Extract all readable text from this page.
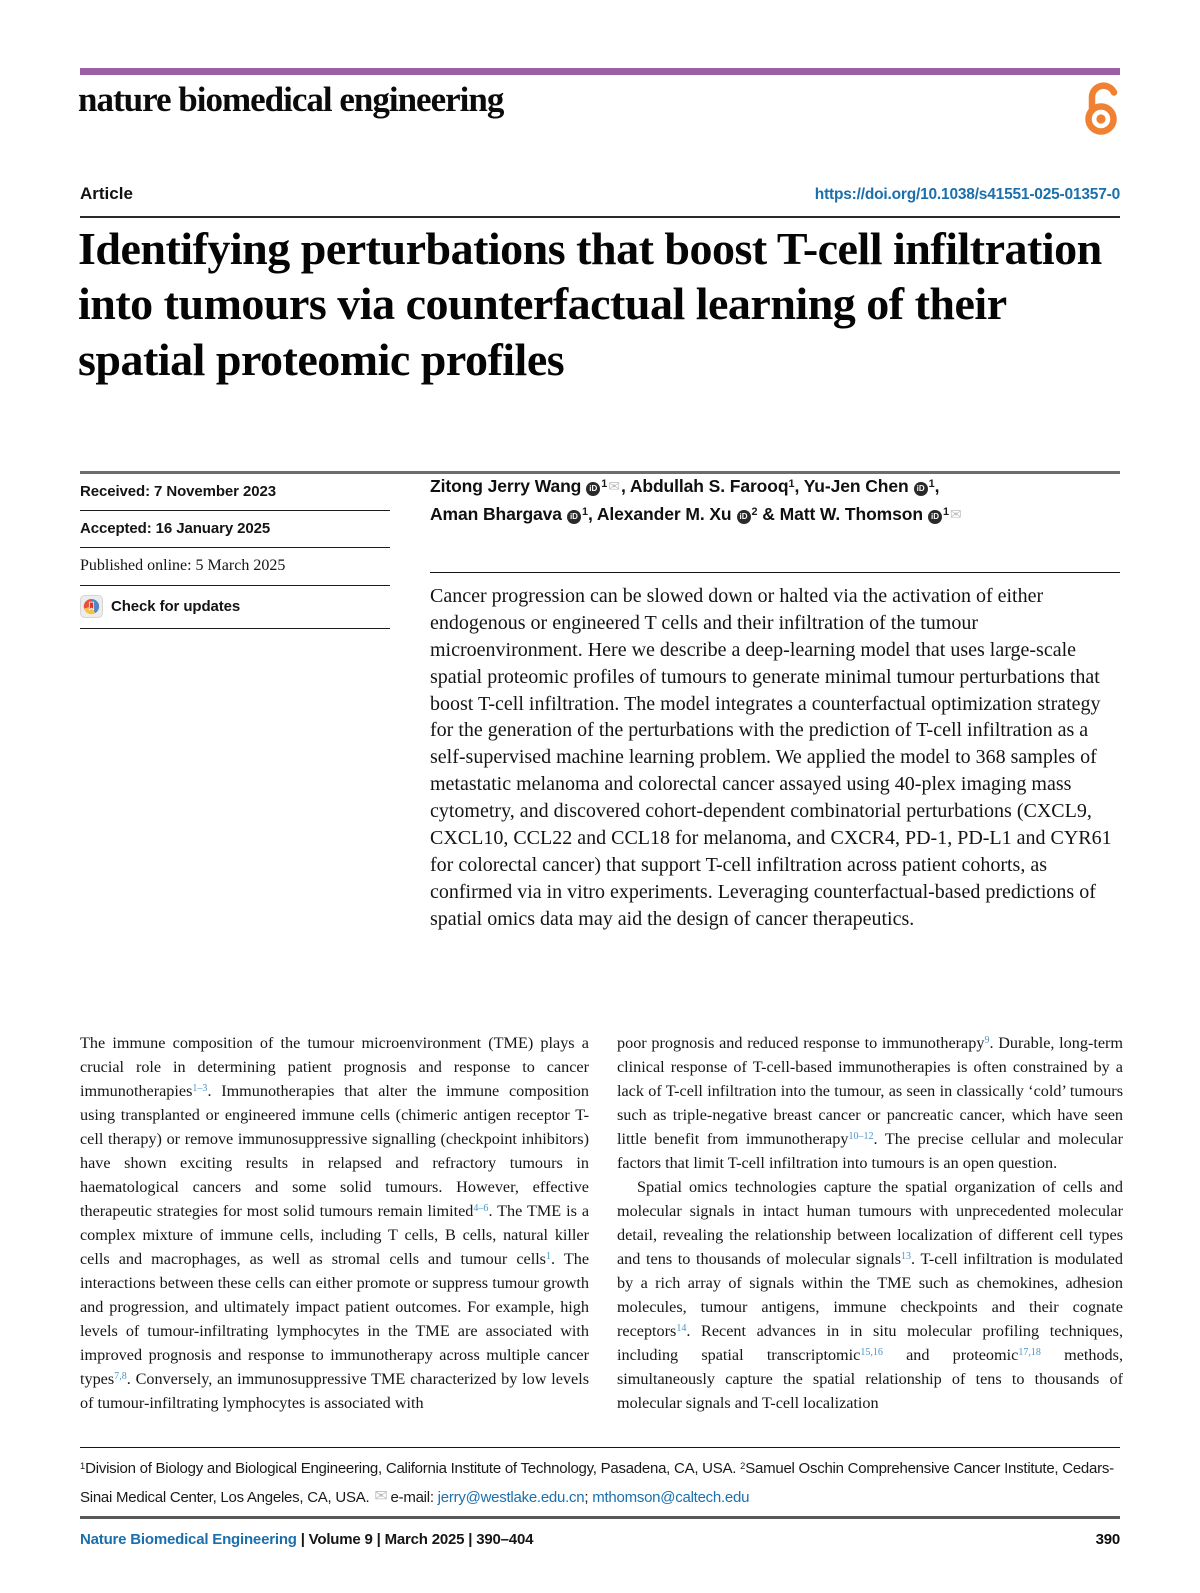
nature biomedical engineering
Article	https://doi.org/10.1038/s41551-025-01357-0
Identifying perturbations that boost T-cell infiltration into tumours via counterfactual learning of their spatial proteomic profiles
Received: 7 November 2023
Accepted: 16 January 2025
Published online: 5 March 2025
Check for updates
Zitong Jerry Wang iD $^1$✉, Abdullah S. Farooq$^1$, Yu-Jen Chen iD $^1$,
Aman Bhargava iD $^1$, Alexander M. Xu iD $^2$ & Matt W. Thomson iD $^1$✉
Cancer progression can be slowed down or halted via the activation of either endogenous or engineered T cells and their infiltration of the tumour microenvironment. Here we describe a deep-learning model that uses large-scale spatial proteomic profiles of tumours to generate minimal tumour perturbations that boost T-cell infiltration. The model integrates a counterfactual optimization strategy for the generation of the perturbations with the prediction of T-cell infiltration as a self-supervised machine learning problem. We applied the model to 368 samples of metastatic melanoma and colorectal cancer assayed using 40-plex imaging mass cytometry, and discovered cohort-dependent combinatorial perturbations (CXCL9, CXCL10, CCL22 and CCL18 for melanoma, and CXCR4, PD-1, PD-L1 and CYR61 for colorectal cancer) that support T-cell infiltration across patient cohorts, as confirmed via in vitro experiments. Leveraging counterfactual-based predictions of spatial omics data may aid the design of cancer therapeutics.

The immune composition of the tumour microenvironment (TME) plays a crucial role in determining patient prognosis and response to cancer immunotherapies$^{1-3}$. Immunotherapies that alter the immune composition using transplanted or engineered immune cells (chimeric antigen receptor T-cell therapy) or remove immunosuppressive signalling (checkpoint inhibitors) have shown exciting results in relapsed and refractory tumours in haematological cancers and some solid tumours. However, effective therapeutic strategies for most solid tumours remain limited$^{4-6}$. The TME is a complex mixture of immune cells, including T cells, B cells, natural killer cells and macrophages, as well as stromal cells and tumour cells$^1$. The interactions between these cells can either promote or suppress tumour growth and progression, and ultimately impact patient outcomes. For example, high levels of tumour-infiltrating lymphocytes in the TME are associated with improved prognosis and response to immunotherapy across multiple cancer types$^{7,8}$. Conversely, an immunosuppressive TME characterized by low levels of tumour-infiltrating lymphocytes is associated with

poor prognosis and reduced response to immunotherapy$^9$. Durable, long-term clinical response of T-cell-based immunotherapies is often constrained by a lack of T-cell infiltration into the tumour, as seen in classically ‘cold’ tumours such as triple-negative breast cancer or pancreatic cancer, which have seen little benefit from immunotherapy$^{10-12}$. The precise cellular and molecular factors that limit T-cell infiltration into tumours is an open question.

Spatial omics technologies capture the spatial organization of cells and molecular signals in intact human tumours with unprecedented molecular detail, revealing the relationship between localization of different cell types and tens to thousands of molecular signals$^{13}$. T-cell infiltration is modulated by a rich array of signals within the TME such as chemokines, adhesion molecules, tumour antigens, immune checkpoints and their cognate receptors$^{14}$. Recent advances in in situ molecular profiling techniques, including spatial transcriptomic$^{15,16}$ and proteomic$^{17,18}$ methods, simultaneously capture the spatial relationship of tens to thousands of molecular signals and T-cell localization

$^1$Division of Biology and Biological Engineering, California Institute of Technology, Pasadena, CA, USA. $^2$Samuel Oschin Comprehensive Cancer Institute, Cedars-Sinai Medical Center, Los Angeles, CA, USA. ✉ e-mail: jerry@westlake.edu.cn; mthomson@caltech.edu
Nature Biomedical Engineering | Volume 9 | March 2025 | 390–404	390
